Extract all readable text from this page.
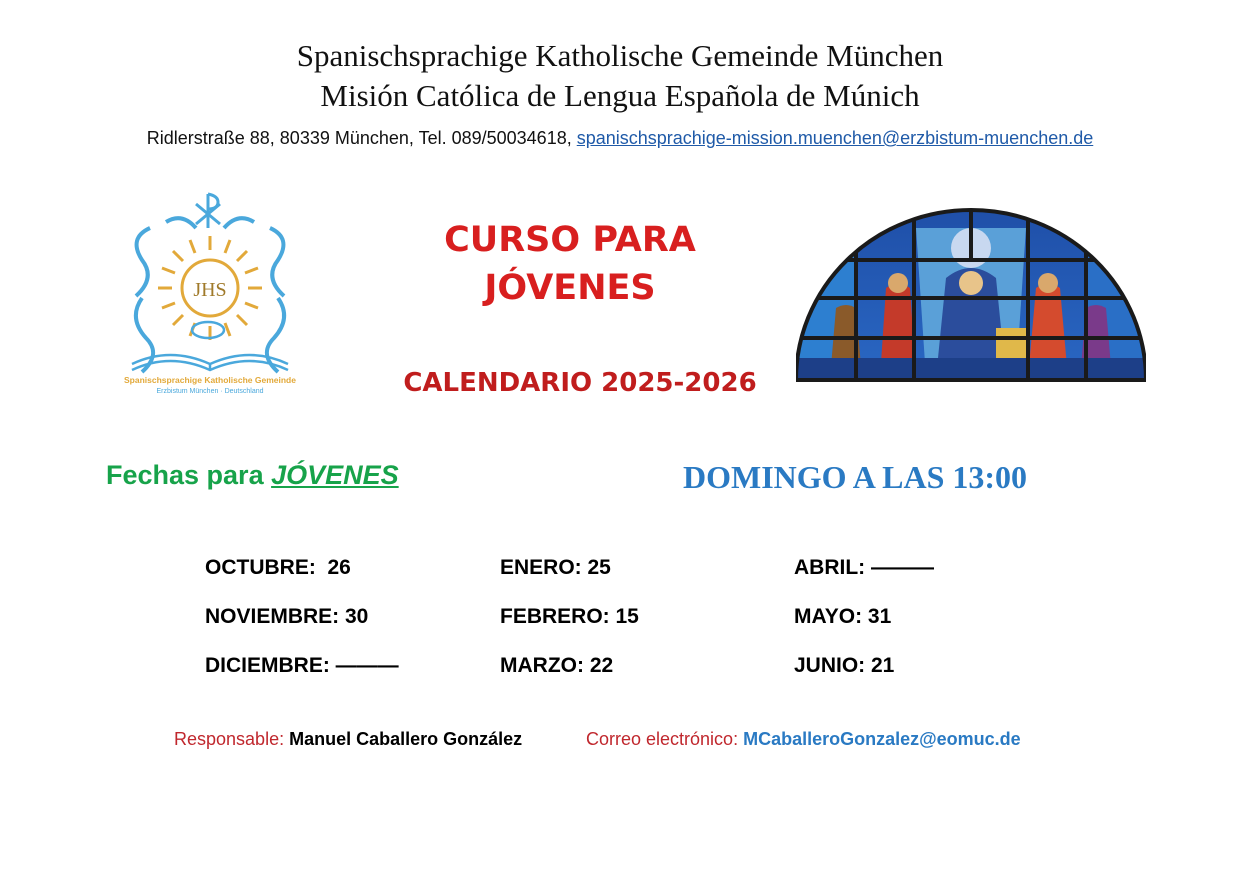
Spanischsprachige Katholische Gemeinde München
Misión Católica de Lengua Española de Múnich
Ridlerstraße 88, 80339 München, Tel. 089/50034618, spanischsprachige-mission.muenchen@erzbistum-muenchen.de
JHS
Spanischsprachige Katholische Gemeinde
Erzbistum München · Deutschland
CURSO PARA
JÓVENES
CALENDARIO 2025-2026
Fechas para JÓVENES	DOMINGO A LAS 13:00
OCTUBRE:  26
NOVIEMBRE: 30
DICIEMBRE: ———
ENERO: 25
FEBRERO: 15
MARZO: 22
ABRIL: ———
MAYO: 31
JUNIO: 21
Responsable: Manuel Caballero González	Correo electrónico: MCaballeroGonzalez@eomuc.de
